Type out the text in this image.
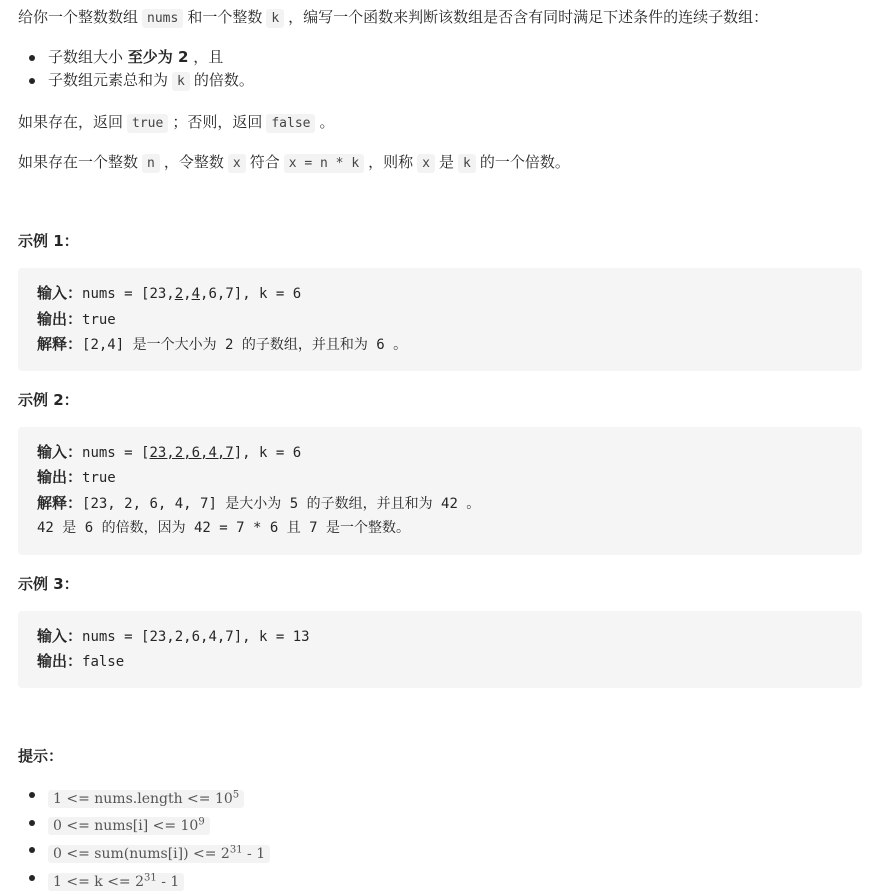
给你一个整数数组 nums 和一个整数 k ，编写一个函数来判断该数组是否含有同时满足下述条件的连续子数组：
子数组大小 至少为 2 ，且
子数组元素总和为 k 的倍数。
如果存在，返回 true ；否则，返回 false 。
如果存在一个整数 n ，令整数 x 符合 x = n * k ，则称 x 是 k 的一个倍数。
示例 1：
输入：nums = [23,2,4,6,7], k = 6
输出：true
解释：[2,4] 是一个大小为 2 的子数组，并且和为 6 。
示例 2：
输入：nums = [23,2,6,4,7], k = 6
输出：true
解释：[23, 2, 6, 4, 7] 是大小为 5 的子数组，并且和为 42 。
42 是 6 的倍数，因为 42 = 7 * 6 且 7 是一个整数。
示例 3：
输入：nums = [23,2,6,4,7], k = 13
输出：false
提示：
1 <= nums.length <= $10^5$
0 <= nums[i] <= $10^9$
0 <= sum(nums[i]) <= $2^{31} - 1$
$1 <= k <= 2^{31} - 1$
